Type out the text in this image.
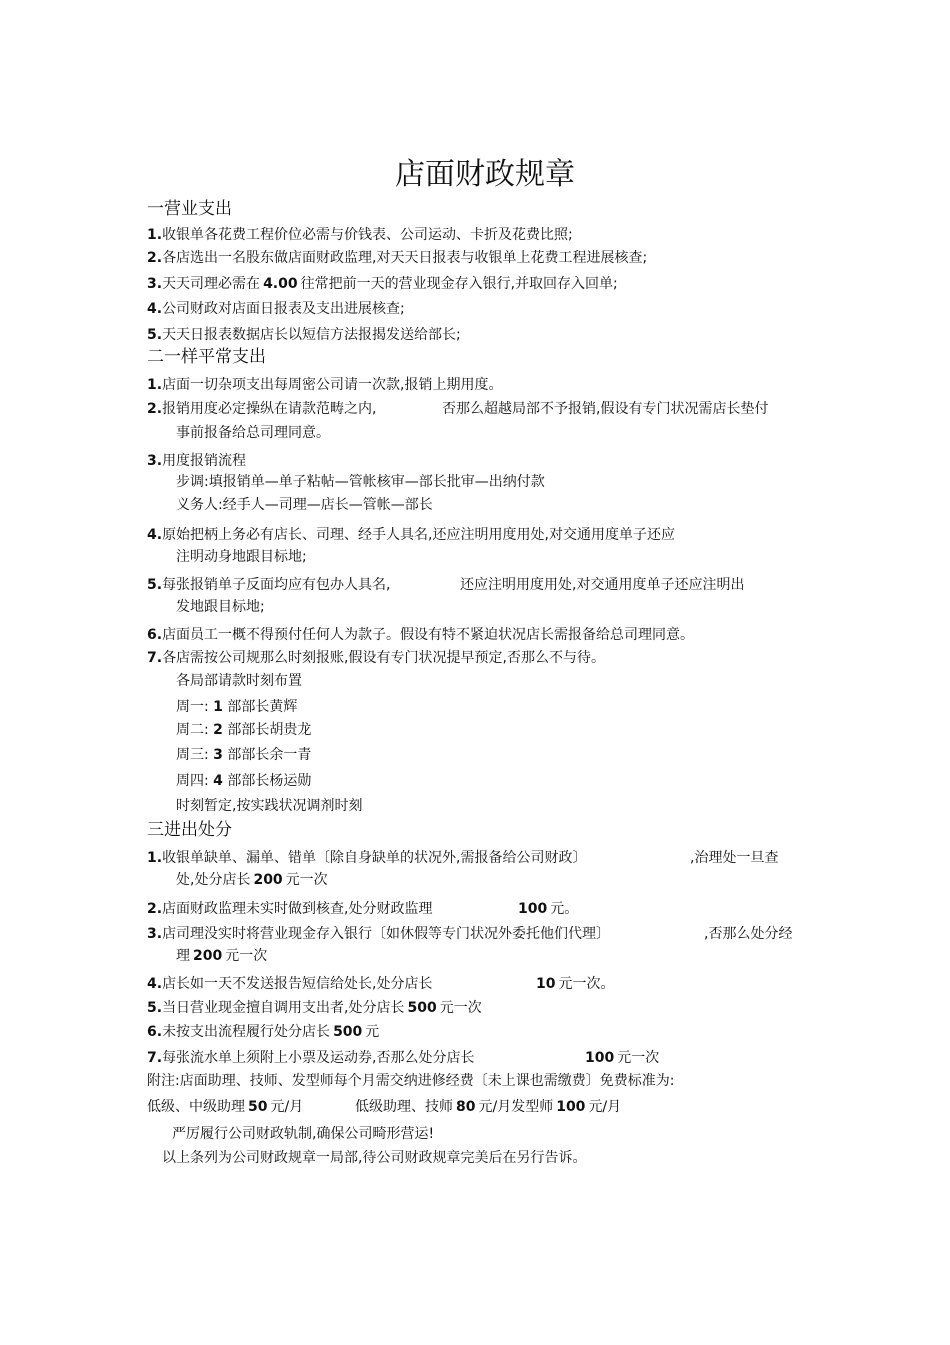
店面财政规章
一营业支出
1.收银单各花费工程价位必需与价钱表、公司运动、卡折及花费比照;
2.各店选出一名股东做店面财政监理,对天天日报表与收银单上花费工程进展核查;
3.天天司理必需在 4.00 往常把前一天的营业现金存入银行,并取回存入回单;
4.公司财政对店面日报表及支出进展核查;
5.天天日报表数据店长以短信方法报揭发送给部长;
二一样平常支出
1.店面一切杂项支出每周密公司请一次款,报销上期用度。
2.报销用度必定操纵在请款范畴之内,	否那么超越局部不予报销,假设有专门状况需店长垫付
事前报备给总司理同意。
3.用度报销流程
步调:填报销单—单子粘帖—管帐核审—部长批审—出纳付款
义务人:经手人—司理—店长—管帐—部长
4.原始把柄上务必有店长、司理、经手人具名,还应注明用度用处,对交通用度单子还应
注明动身地跟目标地;
5.每张报销单子反面均应有包办人具名,	还应注明用度用处,对交通用度单子还应注明出
发地跟目标地;
6.店面员工一概不得预付任何人为款子。假设有特不紧迫状况店长需报备给总司理同意。
7.各店需按公司规那么时刻报账,假设有专门状况提早预定,否那么不与待。
各局部请款时刻布置
周一: 1 部部长黄辉
周二: 2 部部长胡贵龙
周三: 3 部部长余一青
周四: 4 部部长杨运勋
时刻暂定,按实践状况调剂时刻
三进出处分
1.收银单缺单、漏单、错单〔除自身缺单的状况外,需报备给公司财政〕	,治理处一旦查
处,处分店长 200 元一次
2.店面财政监理未实时做到核查,处分财政监理	100 元。
3.店司理没实时将营业现金存入银行〔如休假等专门状况外委托他们代理〕	,否那么处分经
理 200 元一次
4.店长如一天不发送报告短信给处长,处分店长	10 元一次。
5.当日营业现金擅自调用支出者,处分店长 500 元一次
6.未按支出流程履行处分店长 500 元
7.每张流水单上须附上小票及运动券,否那么处分店长	100 元一次
附注:店面助理、技师、发型师每个月需交纳进修经费〔未上课也需缴费〕免费标准为:
低级、中级助理 50 元/月	低级助理、技师 80 元/月发型师 100 元/月
严厉履行公司财政轨制,确保公司畸形营运!
以上条列为公司财政规章一局部,待公司财政规章完美后在另行告诉。
